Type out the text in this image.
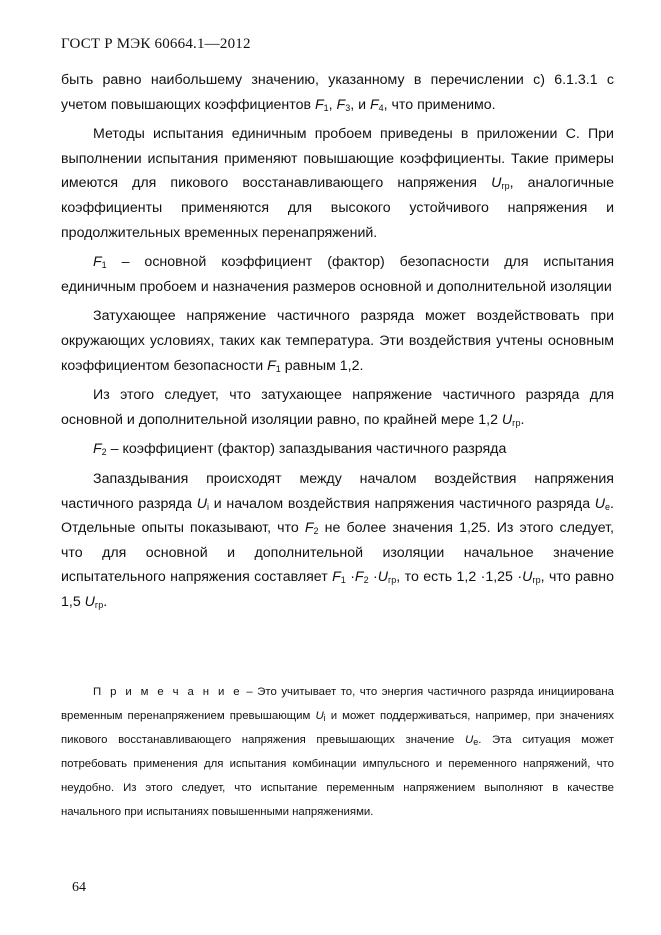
ГОСТ Р МЭК 60664.1—2012

быть равно наибольшему значению, указанному в перечислении с) 6.1.3.1 с учетом повышающих коэффициентов $F_1$, $F_3$, и $F_4$, что применимо.

Методы испытания единичным пробоем приведены в приложении С. При выполнении испытания применяют повышающие коэффициенты. Такие примеры имеются для пикового восстанавливающего напряжения $U_{гр}$, аналогичные коэффициенты применяются для высокого устойчивого напряжения и продолжительных временных перенапряжений.

$F_1$ – основной коэффициент (фактор) безопасности для испытания единичным пробоем и назначения размеров основной и дополнительной изоляции

Затухающее напряжение частичного разряда может воздействовать при окружающих условиях, таких как температура. Эти воздействия учтены основным коэффициентом безопасности $F_1$ равным 1,2.

Из этого следует, что затухающее напряжение частичного разряда для основной и дополнительной изоляции равно, по крайней мере 1,2 $U_{гр}$.

$F_2$ – коэффициент (фактор) запаздывания частичного разряда

Запаздывания происходят между началом воздействия напряжения частичного разряда $U_i$ и началом воздействия напряжения частичного разряда $U_e$. Отдельные опыты показывают, что $F_2$ не более значения 1,25. Из этого следует, что для основной и дополнительной изоляции начальное значение испытательного напряжения составляет $F_1 \cdot F_2 \cdot U_{гр}$, то есть $1,2 \cdot 1,25 \cdot U_{гр}$, что равно 1,5 $U_{гр}$.

П р и м е ч а н и е – Это учитывает то, что энергия частичного разряда инициирована временным перенапряжением превышающим $U_i$ и может поддерживаться, например, при значениях пикового восстанавливающего напряжения превышающих значение $U_e$. Эта ситуация может потребовать применения для испытания комбинации импульсного и переменного напряжений, что неудобно. Из этого следует, что испытание переменным напряжением выполняют в качестве начального при испытаниях повышенными напряжениями.

64
